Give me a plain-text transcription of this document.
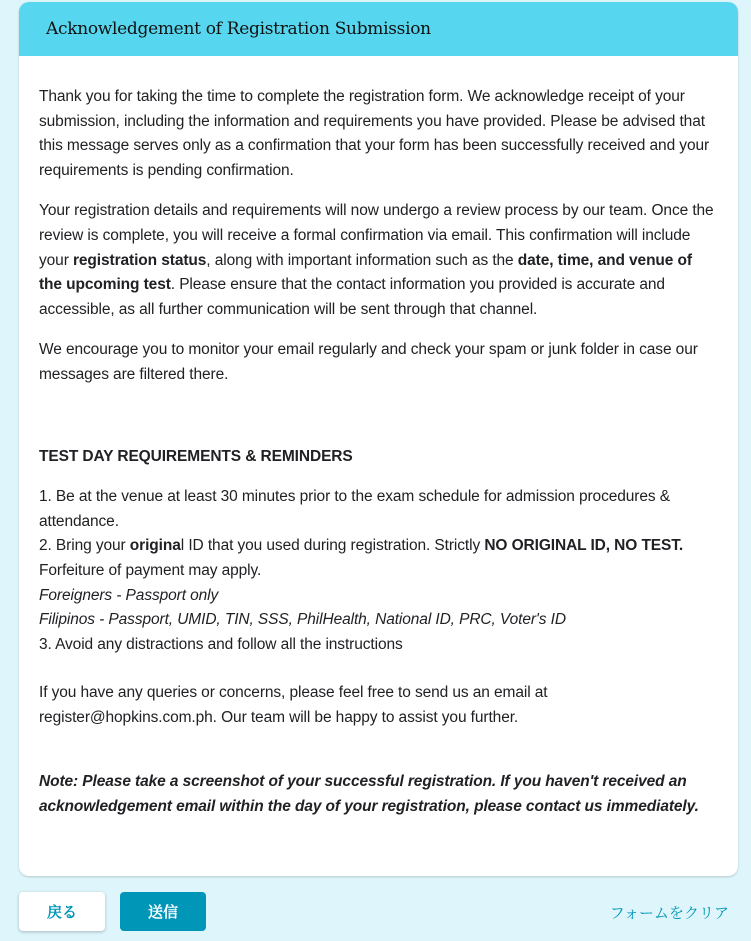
Acknowledgement of Registration Submission

Thank you for taking the time to complete the registration form. We acknowledge receipt of your submission, including the information and requirements you have provided. Please be advised that this message serves only as a confirmation that your form has been successfully received and your requirements is pending confirmation.

Your registration details and requirements will now undergo a review process by our team. Once the review is complete, you will receive a formal confirmation via email. This confirmation will include your registration status, along with important information such as the date, time, and venue of the upcoming test. Please ensure that the contact information you provided is accurate and accessible, as all further communication will be sent through that channel.

We encourage you to monitor your email regularly and check your spam or junk folder in case our messages are filtered there.

TEST DAY REQUIREMENTS & REMINDERS
1. Be at the venue at least 30 minutes prior to the exam schedule for admission procedures & attendance.
2. Bring your original ID that you used during registration. Strictly NO ORIGINAL ID, NO TEST. Forfeiture of payment may apply.
Foreigners - Passport only
Filipinos - Passport, UMID, TIN, SSS, PhilHealth, National ID, PRC, Voter's ID
3. Avoid any distractions and follow all the instructions

If you have any queries or concerns, please feel free to send us an email at register@hopkins.com.ph. Our team will be happy to assist you further.

Note: Please take a screenshot of your successful registration. If you haven't received an acknowledgement email within the day of your registration, please contact us immediately.

戻る	送信	フォームをクリア
